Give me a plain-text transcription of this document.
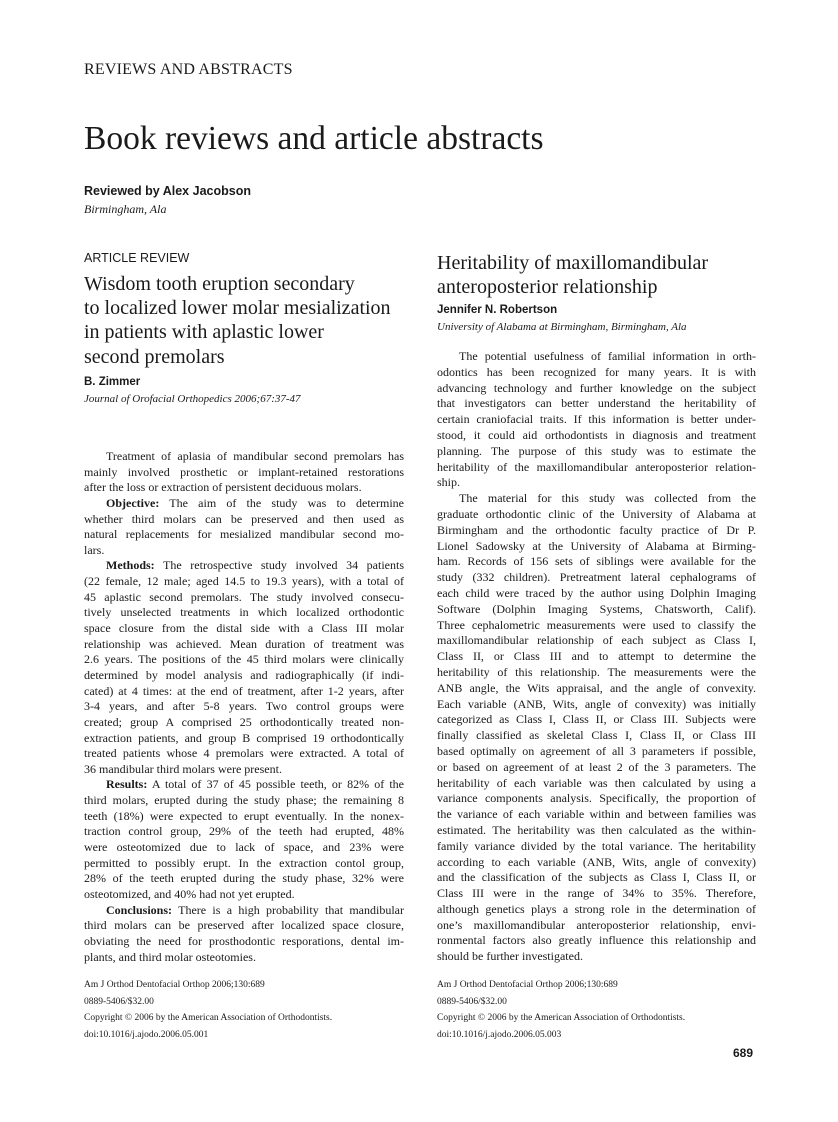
REVIEWS AND ABSTRACTS
Book reviews and article abstracts
Reviewed by Alex Jacobson
Birmingham, Ala
ARTICLE REVIEW
Wisdom tooth eruption secondary
to localized lower molar mesialization
in patients with aplastic lower
second premolars
B. Zimmer
Journal of Orofacial Orthopedics 2006;67:37-47
Treatment of aplasia of mandibular second premolars has
mainly involved prosthetic or implant-retained restorations
after the loss or extraction of persistent deciduous molars.
Objective: The aim of the study was to determine
whether third molars can be preserved and then used as
natural replacements for mesialized mandibular second mo-
lars.
Methods: The retrospective study involved 34 patients
(22 female, 12 male; aged 14.5 to 19.3 years), with a total of
45 aplastic second premolars. The study involved consecu-
tively unselected treatments in which localized orthodontic
space closure from the distal side with a Class III molar
relationship was achieved. Mean duration of treatment was
2.6 years. The positions of the 45 third molars were clinically
determined by model analysis and radiographically (if indi-
cated) at 4 times: at the end of treatment, after 1-2 years, after
3-4 years, and after 5-8 years. Two control groups were
created; group A comprised 25 orthodontically treated non-
extraction patients, and group B comprised 19 orthodontically
treated patients whose 4 premolars were extracted. A total of
36 mandibular third molars were present.
Results: A total of 37 of 45 possible teeth, or 82% of the
third molars, erupted during the study phase; the remaining 8
teeth (18%) were expected to erupt eventually. In the nonex-
traction control group, 29% of the teeth had erupted, 48%
were osteotomized due to lack of space, and 23% were
permitted to possibly erupt. In the extraction contol group,
28% of the teeth erupted during the study phase, 32% were
osteotomized, and 40% had not yet erupted.
Conclusions: There is a high probability that mandibular
third molars can be preserved after localized space closure,
obviating the need for prosthodontic resporations, dental im-
plants, and third molar osteotomies.
Am J Orthod Dentofacial Orthop 2006;130:689
0889-5406/$32.00
Copyright © 2006 by the American Association of Orthodontists.
doi:10.1016/j.ajodo.2006.05.001
Heritability of maxillomandibular
anteroposterior relationship
Jennifer N. Robertson
University of Alabama at Birmingham, Birmingham, Ala
The potential usefulness of familial information in orth-
odontics has been recognized for many years. It is with
advancing technology and further knowledge on the subject
that investigators can better understand the heritability of
certain craniofacial traits. If this information is better under-
stood, it could aid orthodontists in diagnosis and treatment
planning. The purpose of this study was to estimate the
heritability of the maxillomandibular anteroposterior relation-
ship.
The material for this study was collected from the
graduate orthodontic clinic of the University of Alabama at
Birmingham and the orthodontic faculty practice of Dr P.
Lionel Sadowsky at the University of Alabama at Birming-
ham. Records of 156 sets of siblings were available for the
study (332 children). Pretreatment lateral cephalograms of
each child were traced by the author using Dolphin Imaging
Software (Dolphin Imaging Systems, Chatsworth, Calif).
Three cephalometric measurements were used to classify the
maxillomandibular relationship of each subject as Class I,
Class II, or Class III and to attempt to determine the
heritability of this relationship. The measurements were the
ANB angle, the Wits appraisal, and the angle of convexity.
Each variable (ANB, Wits, angle of convexity) was initially
categorized as Class I, Class II, or Class III. Subjects were
finally classified as skeletal Class I, Class II, or Class III
based optimally on agreement of all 3 parameters if possible,
or based on agreement of at least 2 of the 3 parameters. The
heritability of each variable was then calculated by using a
variance components analysis. Specifically, the proportion of
the variance of each variable within and between families was
estimated. The heritability was then calculated as the within-
family variance divided by the total variance. The heritability
according to each variable (ANB, Wits, angle of convexity)
and the classification of the subjects as Class I, Class II, or
Class III were in the range of 34% to 35%. Therefore,
although genetics plays a strong role in the determination of
one’s maxillomandibular anteroposterior relationship, envi-
ronmental factors also greatly influence this relationship and
should be further investigated.
Am J Orthod Dentofacial Orthop 2006;130:689
0889-5406/$32.00
Copyright © 2006 by the American Association of Orthodontists.
doi:10.1016/j.ajodo.2006.05.003
689
